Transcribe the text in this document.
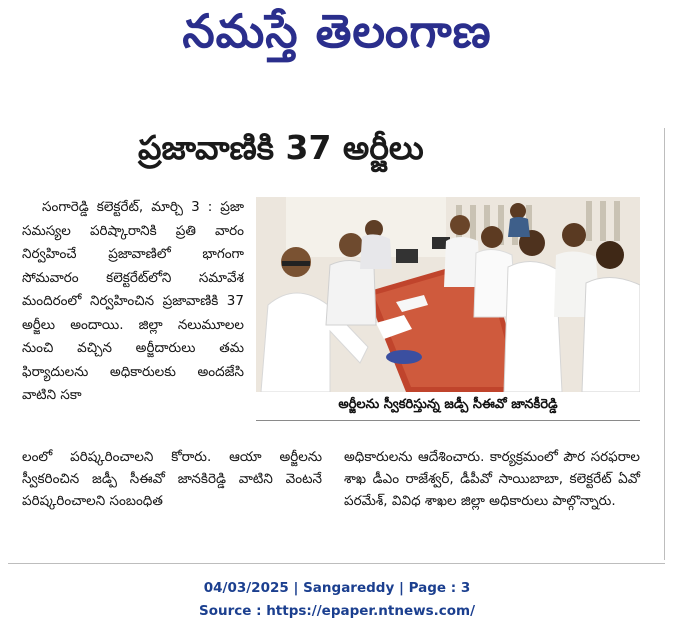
నమస్తే తెలంగాణ
ప్రజావాణికి 37 అర్జీలు

సంగారెడ్డి కలెక్టరేట్, మార్చి 3 : ప్రజా సమస్యల పరిష్కారానికి ప్రతి వారం నిర్వహించే ప్రజావాణిలో భాగంగా సోమవారం కలెక్టరేట్‌లోని సమావేశ మందిరంలో నిర్వహించిన ప్రజావాణికి 37 అర్జీలు అందాయి. జిల్లా నలుమూలల నుంచి వచ్చిన అర్జీదారులు తమ ఫిర్యాదులను అధికారులకు అందజేసి వాటిని సకా

అర్జీలను స్వీకరిస్తున్న జడ్పీ సీఈవో జానకీరెడ్డి
లంలో పరిష్కరించాలని కోరారు. ఆయా అర్జీలను స్వీకరించిన జడ్పీ సీఈవో జానకిరెడ్డి వాటిని వెంటనే పరిష్కరించాలని సంబంధిత
అధికారులను ఆదేశించారు. కార్యక్రమంలో పౌర సరఫరాల శాఖ డీఎం రాజేశ్వర్, డీపీవో సాయిబాబా, కలెక్టరేట్ ఏవో పరమేశ్, వివిధ శాఖల జిల్లా అధికారులు పాల్గొన్నారు.
04/03/2025 | Sangareddy | Page : 3
Source : https://epaper.ntnews.com/
